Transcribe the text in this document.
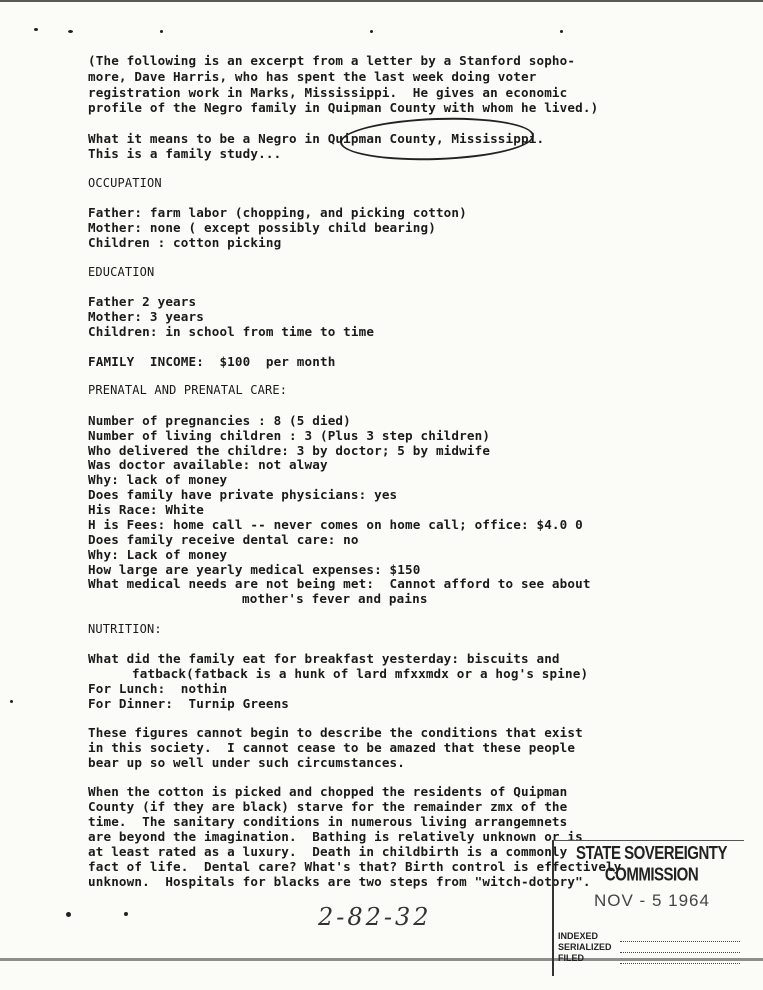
(The following is an excerpt from a letter by a Stanford sopho-
more, Dave Harris, who has spent the last week doing voter
registration work in Marks, Mississippi.  He gives an economic
profile of the Negro family in Quipman County with whom he lived.)
What it means to be a Negro in Quipman County, Mississippi.
This is a family study...
OCCUPATION
Father: farm labor (chopping, and picking cotton)
Mother: none ( except possibly child bearing)
Children : cotton picking
EDUCATION
Father 2 years
Mother: 3 years
Children: in school from time to time
FAMILY  INCOME:  $100  per month
PRENATAL AND PRENATAL CARE:
Number of pregnancies : 8 (5 died)
Number of living children : 3 (Plus 3 step children)
Who delivered the childre: 3 by doctor; 5 by midwife
Was doctor available: not alway
Why: lack of money
Does family have private physicians: yes
His Race: White
H is Fees: home call -- never comes on home call; office: $4.0 0
Does family receive dental care: no
Why: Lack of money
How large are yearly medical expenses: $150
What medical needs are not being met:  Cannot afford to see about
mother's fever and pains
NUTRITION:
What did the family eat for breakfast yesterday: biscuits and
fatback(fatback is a hunk of lard mfxxmdx or a hog's spine)
For Lunch:  nothin
For Dinner:  Turnip Greens
These figures cannot begin to describe the conditions that exist
in this society.  I cannot cease to be amazed that these people
bear up so well under such circumstances.
When the cotton is picked and chopped the residents of Quipman
County (if they are black) starve for the remainder zmx of the
time.  The sanitary conditions in numerous living arrangemnets
are beyond the imagination.  Bathing is relatively unknown or is
at least rated as a luxury.  Death in childbirth is a commonly
fact of life.  Dental care? What's that? Birth control is effectively
unknown.  Hospitals for blacks are two steps from "witch-dotory".
2-82-32
STATE SOVEREIGNTY COMMISSION
NOV - 5 1964
INDEXED
SERIALIZED
FILED
